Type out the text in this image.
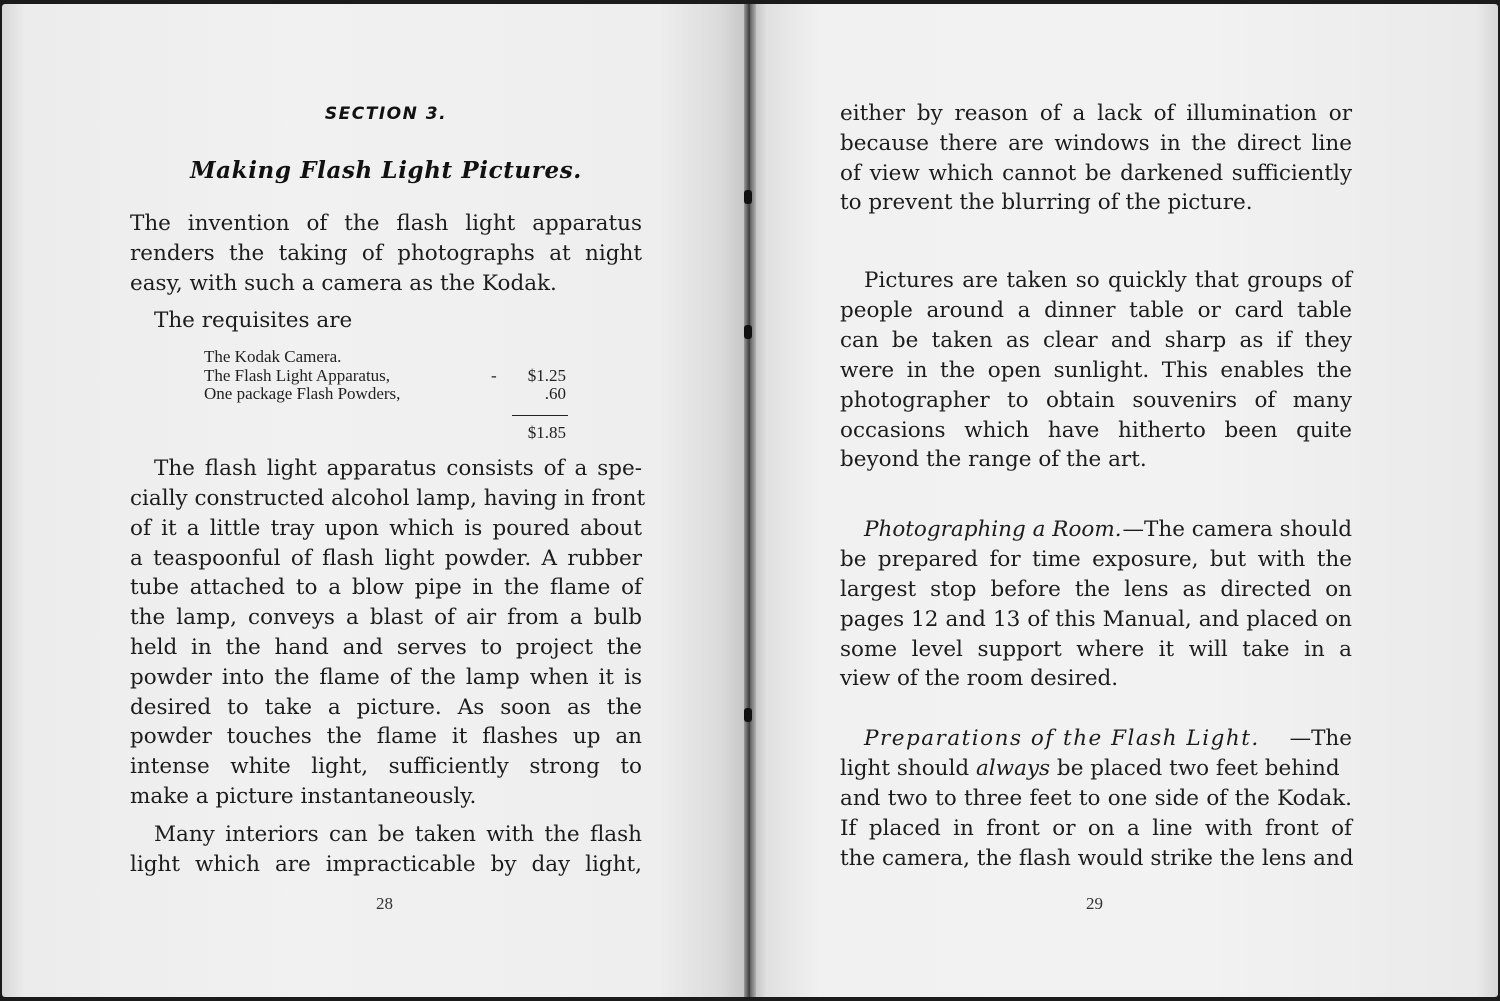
SECTION 3.
Making Flash Light Pictures.
The invention of the flash light apparatus
renders the taking of photographs at night
easy, with such a camera as the Kodak.
The requisites are
The Kodak Camera.
The Flash Light Apparatus,	- $1.25
One package Flash Powders,	.60
$1.85
The flash light apparatus consists of a spe-
cially constructed alcohol lamp, having in front
of it a little tray upon which is poured about
a teaspoonful of flash light powder. A rubber
tube attached to a blow pipe in the flame of
the lamp, conveys a blast of air from a bulb
held in the hand and serves to project the
powder into the flame of the lamp when it is
desired to take a picture. As soon as the
powder touches the flame it flashes up an
intense white light, sufficiently strong to
make a picture instantaneously.
Many interiors can be taken with the flash
light which are impracticable by day light,
28
either by reason of a lack of illumination or
because there are windows in the direct line
of view which cannot be darkened sufficiently
to prevent the blurring of the picture.
Pictures are taken so quickly that groups of
people around a dinner table or card table
can be taken as clear and sharp as if they
were in the open sunlight. This enables the
photographer to obtain souvenirs of many
occasions which have hitherto been quite
beyond the range of the art.
Photographing a Room. —The camera should
be prepared for time exposure, but with the
largest stop before the lens as directed on
pages 12 and 13 of this Manual, and placed on
some level support where it will take in a
view of the room desired.
Preparations of the Flash Light. —The
light should always be placed two feet behind
and two to three feet to one side of the Kodak.
If placed in front or on a line with front of
the camera, the flash would strike the lens and
29
